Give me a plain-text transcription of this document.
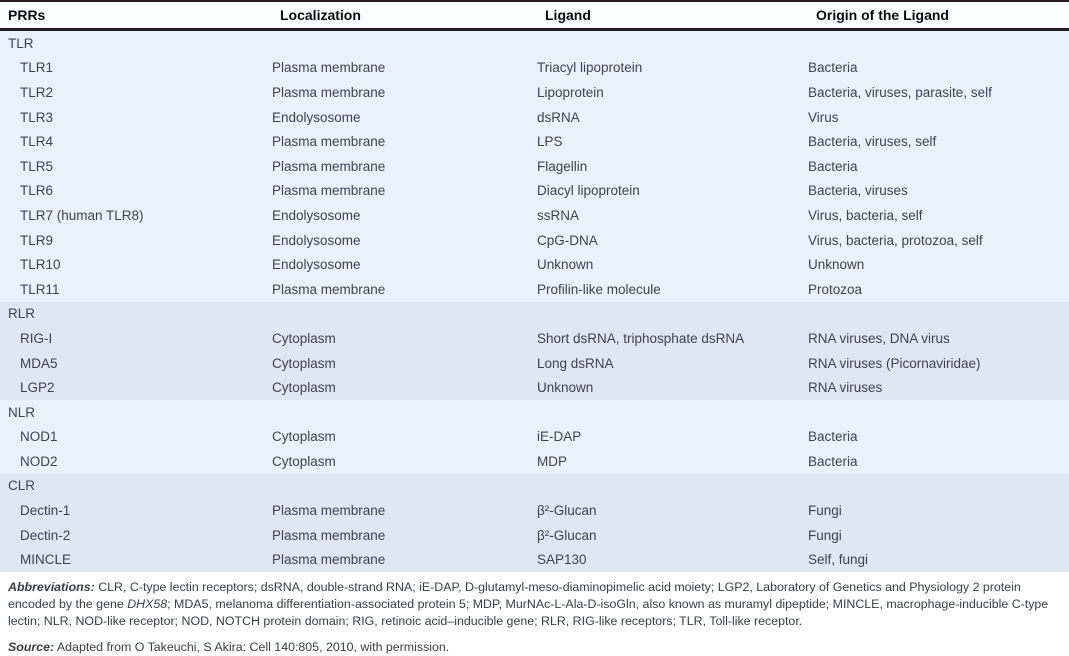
PRRs	Localization	Ligand	Origin of the Ligand
TLR
TLR1	Plasma membrane	Triacyl lipoprotein	Bacteria
TLR2	Plasma membrane	Lipoprotein	Bacteria, viruses, parasite, self
TLR3	Endolysosome	dsRNA	Virus
TLR4	Plasma membrane	LPS	Bacteria, viruses, self
TLR5	Plasma membrane	Flagellin	Bacteria
TLR6	Plasma membrane	Diacyl lipoprotein	Bacteria, viruses
TLR7 (human TLR8)	Endolysosome	ssRNA	Virus, bacteria, self
TLR9	Endolysosome	CpG-DNA	Virus, bacteria, protozoa, self
TLR10	Endolysosome	Unknown	Unknown
TLR11	Plasma membrane	Profilin-like molecule	Protozoa
RLR
RIG-I	Cytoplasm	Short dsRNA, triphosphate dsRNA	RNA viruses, DNA virus
MDA5	Cytoplasm	Long dsRNA	RNA viruses (Picornaviridae)
LGP2	Cytoplasm	Unknown	RNA viruses
NLR
NOD1	Cytoplasm	iE-DAP	Bacteria
NOD2	Cytoplasm	MDP	Bacteria
CLR
Dectin-1	Plasma membrane	β²-Glucan	Fungi
Dectin-2	Plasma membrane	β²-Glucan	Fungi
MINCLE	Plasma membrane	SAP130	Self, fungi
Abbreviations: CLR, C-type lectin receptors; dsRNA, double-strand RNA; iE-DAP, D-glutamyl-meso-diaminopimelic acid moiety; LGP2, Laboratory of Genetics and Physiology 2 protein encoded by the gene DHX58; MDA5, melanoma differentiation-associated protein 5; MDP, MurNAc-L-Ala-D-isoGln, also known as muramyl dipeptide; MINCLE, macrophage-inducible C-type lectin; NLR, NOD-like receptor; NOD, NOTCH protein domain; RIG, retinoic acid–inducible gene; RLR, RIG-like receptors; TLR, Toll-like receptor.
Source: Adapted from O Takeuchi, S Akira: Cell 140:805, 2010, with permission.
